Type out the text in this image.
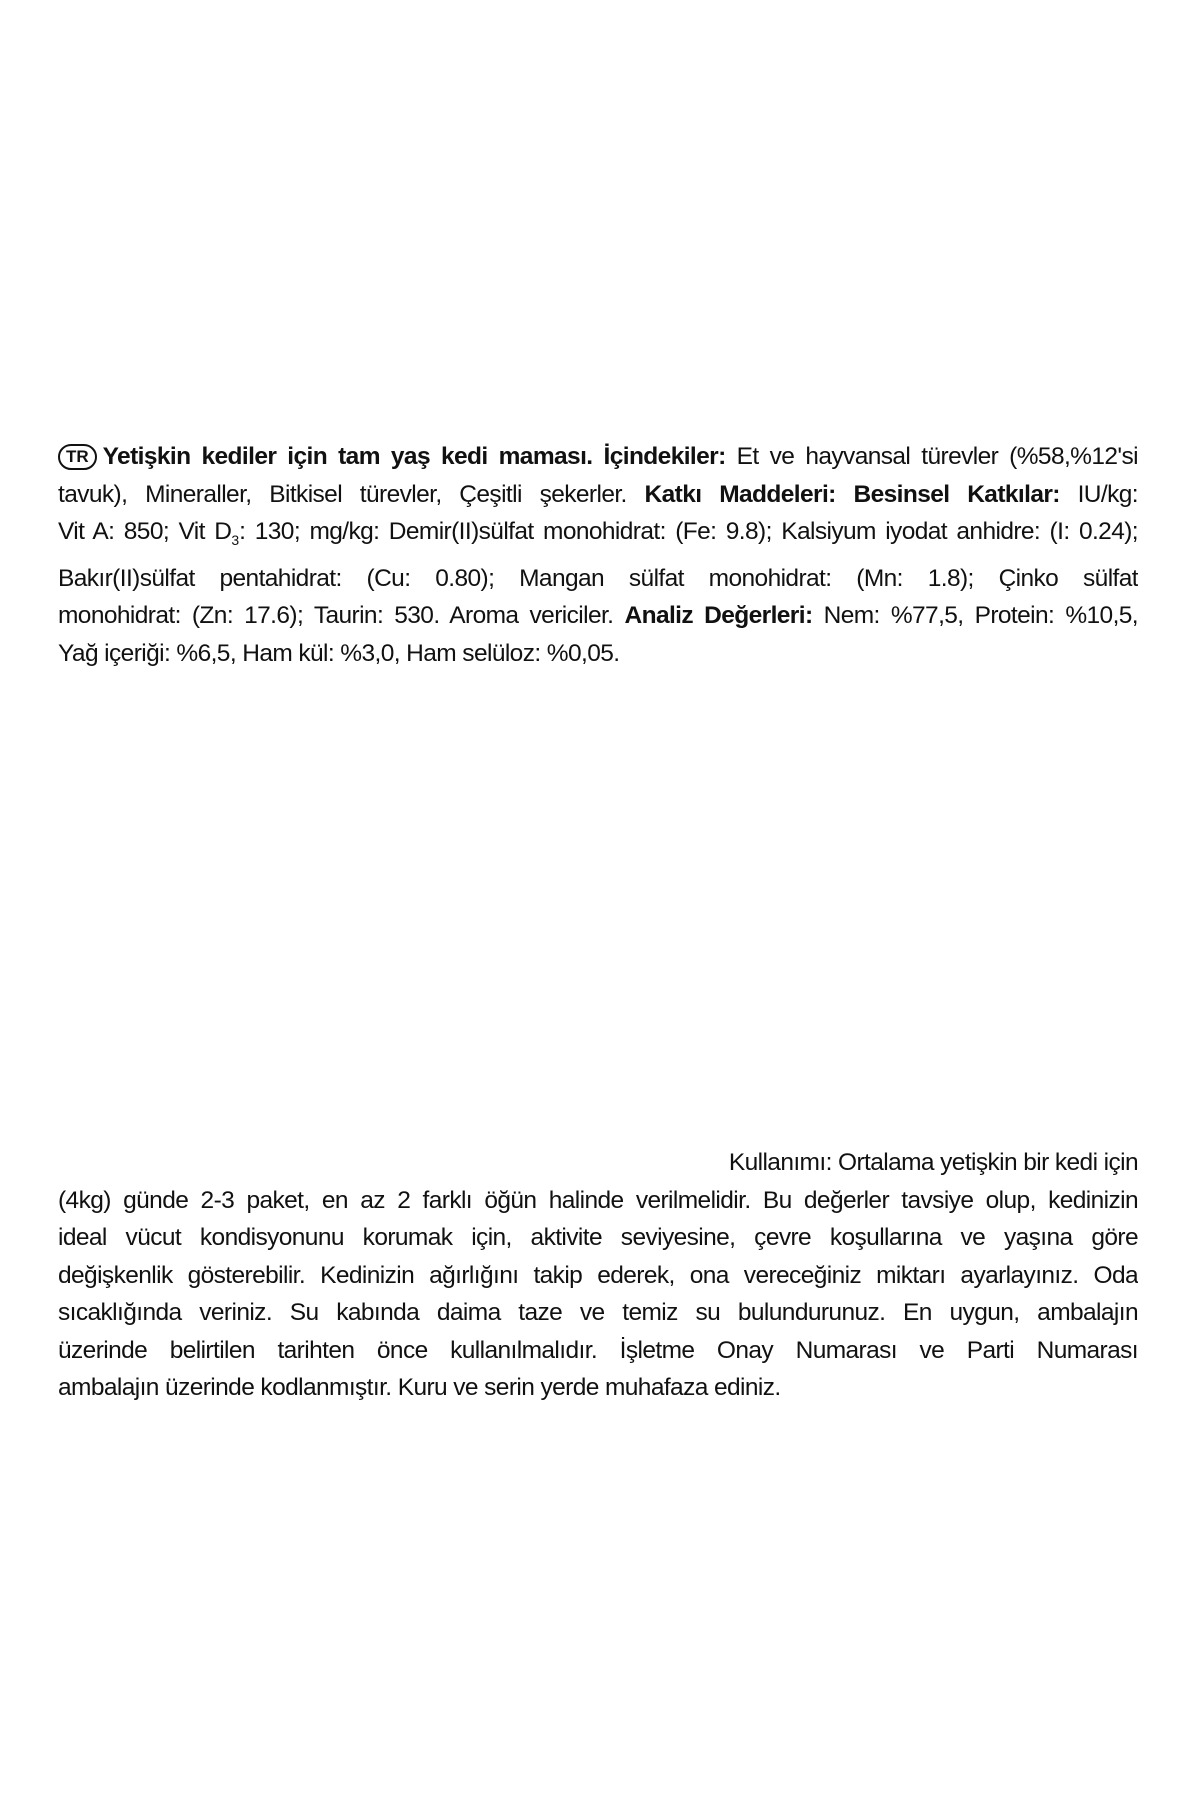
TR Yetişkin kediler için tam yaş kedi maması. İçindekiler: Et ve hayvansal türevler (%58,%12'si
tavuk), Mineraller, Bitkisel türevler, Çeşitli şekerler. Katkı Maddeleri: Besinsel Katkılar: IU/kg:
Vit A: 850; Vit $D_3$: 130; mg/kg: Demir(II)sülfat monohidrat: (Fe: 9.8); Kalsiyum iyodat anhidre: (I: 0.24);
Bakır(II)sülfat pentahidrat: (Cu: 0.80); Mangan sülfat monohidrat: (Mn: 1.8); Çinko sülfat
monohidrat: (Zn: 17.6); Taurin: 530. Aroma vericiler. Analiz Değerleri: Nem: %77,5, Protein: %10,5,
Yağ içeriği: %6,5, Ham kül: %3,0, Ham selüloz: %0,05.
Kullanımı: Ortalama yetişkin bir kedi için
(4kg) günde 2-3 paket, en az 2 farklı öğün halinde verilmelidir. Bu değerler tavsiye olup, kedinizin
ideal vücut kondisyonunu korumak için, aktivite seviyesine, çevre koşullarına ve yaşına göre
değişkenlik gösterebilir. Kedinizin ağırlığını takip ederek, ona vereceğiniz miktarı ayarlayınız. Oda
sıcaklığında veriniz. Su kabında daima taze ve temiz su bulundurunuz. En uygun, ambalajın
üzerinde belirtilen tarihten önce kullanılmalıdır. İşletme Onay Numarası ve Parti Numarası
ambalajın üzerinde kodlanmıştır. Kuru ve serin yerde muhafaza ediniz.
